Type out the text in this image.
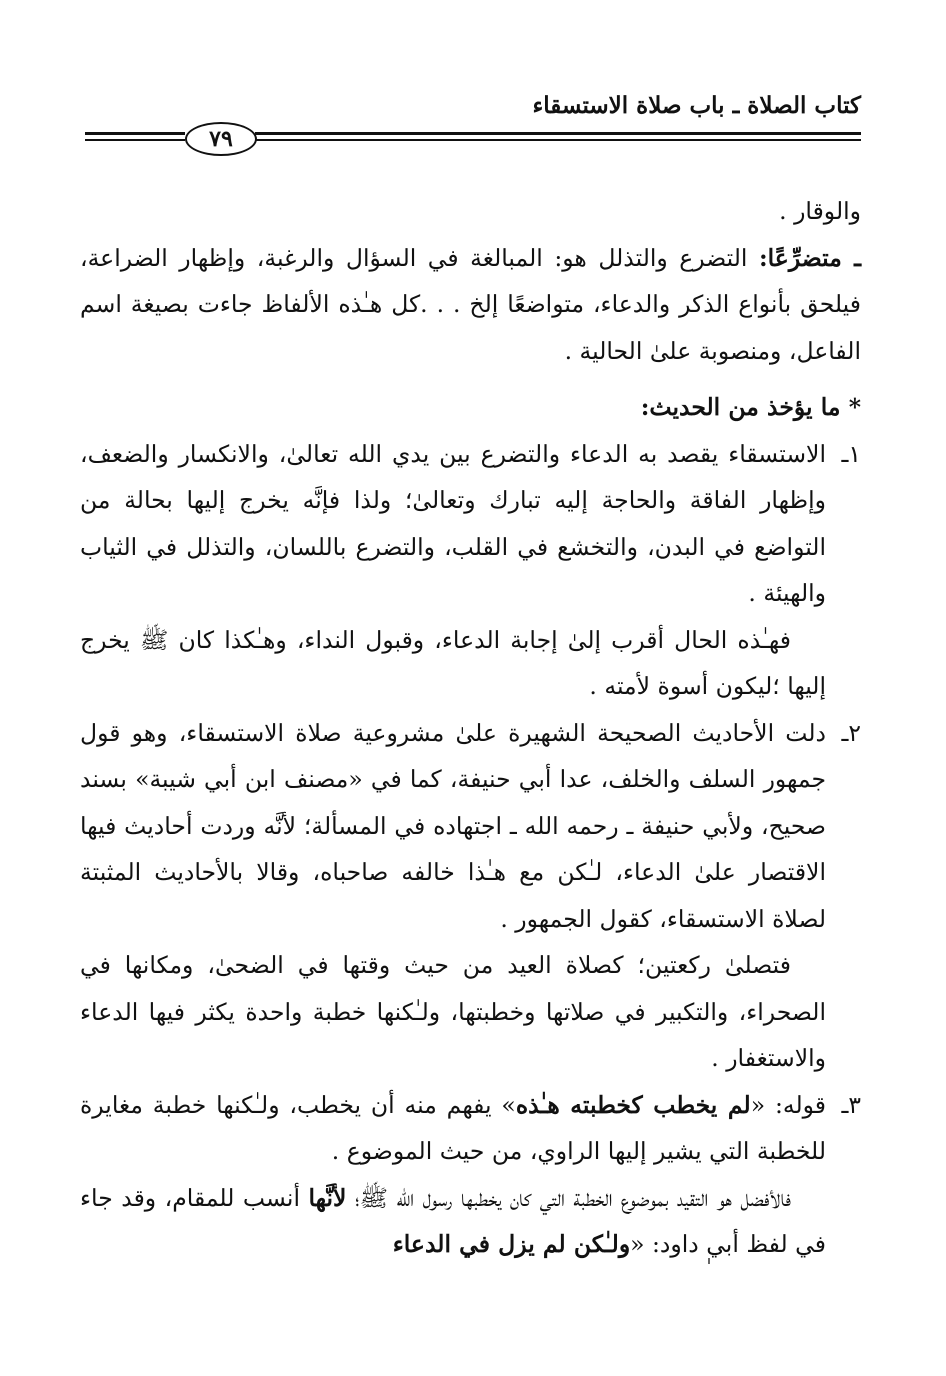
كتاب الصلاة ـ باب صلاة الاستسقاء
٧٩

والوقار .

ـ متضرِّعًا: التضرع والتذلل هو: المبالغة في السؤال والرغبة، وإظهار الضراعة، فيلحق بأنواع الذكر والدعاء، متواضعًا إلخ . . .كل هـٰذه الألفاظ جاءت بصيغة اسم الفاعل، ومنصوبة علىٰ الحالية .

* ما يؤخذ من الحديث:

١ـ
الاستسقاء يقصد به الدعاء والتضرع بين يدي الله تعالىٰ، والانكسار والضعف، وإظهار الفاقة والحاجة إليه تبارك وتعالىٰ؛ ولذا فإنَّه يخرج إليها بحالة من التواضع في البدن، والتخشع في القلب، والتضرع باللسان، والتذلل في الثياب والهيئة .

فهـٰذه الحال أقرب إلىٰ إجابة الدعاء، وقبول النداء، وهـٰكذا كان ﷺ يخرج إليها ؛ليكون أسوة لأمته .

٢ـ
دلت الأحاديث الصحيحة الشهيرة علىٰ مشروعية صلاة الاستسقاء، وهو قول جمهور السلف والخلف، عدا أبي حنيفة، كما في «مصنف ابن أبي شيبة» بسند صحيح، ولأبي حنيفة ـ رحمه الله ـ اجتهاده في المسألة؛ لأنَّه وردت أحاديث فيها الاقتصار علىٰ الدعاء، لـٰكن مع هـٰذا خالفه صاحباه، وقالا بالأحاديث المثبتة لصلاة الاستسقاء، كقول الجمهور .

فتصلىٰ ركعتين؛ كصلاة العيد من حيث وقتها في الضحىٰ، ومكانها في الصحراء، والتكبير في صلاتها وخطبتها، ولـٰكنها خطبة واحدة يكثر فيها الدعاء والاستغفار .

٣ـ
قوله: «لم يخطب كخطبته هـٰذه» يفهم منه أن يخطب، ولـٰكنها خطبة مغايرة للخطبة التي يشير إليها الراوي، من حيث الموضوع .

فالأفضل هو التقيد بموضوع الخطبة التي كان يخطبها رسول الله ﷺ؛ لأنَّها أنسب للمقام، وقد جاء في لفظ أبي داود: «ولـٰكن لم يزل في الدعاء
